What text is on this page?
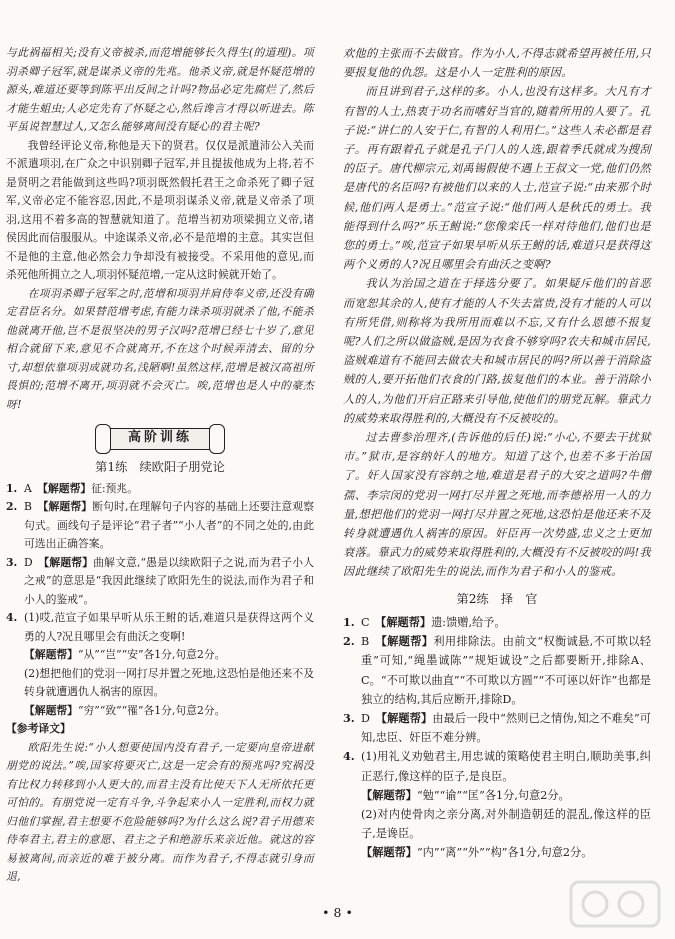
与此祸福相关;没有义帝被杀,而范增能够长久得生(的道理)。项羽杀卿子冠军,就是谋杀义帝的先兆。他杀义帝,就是怀疑范增的源头,难道还要等到陈平出反间之计吗?物品必定先腐烂了,然后才能生蛆虫;人必定先有了怀疑之心,然后谗言才得以听进去。陈平虽说智慧过人,又怎么能够离间没有疑心的君主呢?

我曾经评论义帝,称他是天下的贤君。仅仅是派遣沛公入关而不派遣项羽,在广众之中识别卿子冠军,并且提拔他成为上将,若不是贤明之君能做到这些吗?项羽既然假托君王之命杀死了卿子冠军,义帝必定不能容忍,因此,不是项羽谋杀义帝,就是义帝杀了项羽,这用不着多高的智慧就知道了。范增当初劝项梁拥立义帝,诸侯因此而信服服从。中途谋杀义帝,必不是范增的主意。其实岂但不是他的主意,他必然会力争却没有被接受。不采用他的意见,而杀死他所拥立之人,项羽怀疑范增,一定从这时候就开始了。

在项羽杀卿子冠军之时,范增和项羽并肩侍奉义帝,还没有确定君臣名分。如果替范增考虑,有能力诛杀项羽就杀了他,不能杀他就离开他,岂不是很坚决的男子汉吗?范增已经七十岁了,意见相合就留下来,意见不合就离开,不在这个时候弄清去、留的分寸,却想依靠项羽成就功名,浅陋啊!虽然这样,范增是被汉高祖所畏惧的;范增不离开,项羽就不会灭亡。唉,范增也是人中的豪杰呀!

高阶训练
第1练　续欧阳子朋党论
1. A　 【解题帮】征:预兆。
2. B　 【解题帮】断句时,在理解句子内容的基础上还要注意观察句式。画线句子是评论“君子者”“小人者”的不同之处的,由此可选出正确答案。
3. D　 【解题帮】曲解文意,“愚是以续欧阳子之说,而为君子小人之戒”的意思是“我因此继续了欧阳先生的说法,而作为君子和小人的鉴戒”。
4. (1)哎,范宣子如果早听从乐王鲋的话,难道只是获得这两个义勇的人?况且哪里会有曲沃之变啊!
【解题帮】“从”“岂”“安”各1分,句意2分。
(2)想把他们的党羽一网打尽并置之死地,这恐怕是他还来不及转身就遭遇仇人祸害的原因。
【解题帮】“穷”“致”“罹”各1分,句意2分。
【参考译文】

欧阳先生说:“小人想要使国内没有君子,一定要向皇帝进献朋党的说法。”唉,国家将要灭亡,这是一定会有的预兆吗?究祸没有比权力转移到小人更大的,而君主没有比使天下人无所依托更可怕的。有朋党说一定有斗争,斗争起来小人一定胜利,而权力就归他们掌握,君主想要不危险能够吗?为什么这么说?君子用德来侍奉君主,君主的意愿、君主之子和绝游乐来亲近他。就这的容易被离间,而亲近的难于被分离。而作为君子,不得志就引身而退,

欢他的主张而不去做官。作为小人,不得志就希望再被任用,只要报复他的仇怨。这是小人一定胜利的原因。

而且讲到君子,这样的多。小人,也没有这样多。大凡有才有智的人士,热衷于功名而嗜好当官的,随着所用的人要了。孔子说:“讲仁的人安于仁,有智的人利用仁。”这些人未必都是君子。再有跟着孔子就是孔子门人的人选,跟着季氏就成为搜刮的臣子。唐代柳宗元,刘禹锡假使不遇上王叔文一党,他们仍然是唐代的名臣吗?有被他们以来的人士,范宣子说:“由来那个时候,他们两人是勇士。”范宣子说:“他们两人是秋氏的勇士。我能得到什么吗?”乐王鲋说:“您像栾氏一样对待他们,他们也是您的勇士。”唉,范宣子如果早听从乐王鲋的话,难道只是获得这两个义勇的人?况且哪里会有曲沃之变啊?

我认为治国之道在于择选分要了。如果疑斥他们的首恶而宽恕其余的人,使有才能的人不失去富贵,没有才能的人可以有所凭借,则称将为我所用而难以不忘,又有什么恩德不报复呢?人们之所以做盗贼,是因为衣食不够穿吗?农夫和城市居民,盗贼难道有不能回去做农夫和城市居民的吗?所以善于消除盗贼的人,要开拓他们衣食的门路,拔复他们的本业。善于消除小人的人,为他们开启正路来引导他,使他们的朋党瓦解。靠武力的威势来取得胜利的,大概没有不反被咬的。

过去曹参治理齐,(告诉他的后任)说:“小心,不要去干扰狱市。”狱市,是容纳奸人的地方。知道了这个,也差不多于治国了。奸人国家没有容纳之地,难道是君子的大安之道吗?牛僧孺、李宗闵的党羽一网打尽并置之死地,而李德裕用一人的力量,想把他们的党羽一网打尽并置之死地,这恐怕是他还来不及转身就遭遇仇人祸害的原因。奸臣再一次势盛,忠义之士更加衰落。靠武力的威势来取得胜利的,大概没有不反被咬的吗!我因此继续了欧阳先生的说法,而作为君子和小人的鉴戒。

第2练　择　官
1. C　 【解题帮】遗:馈赠,给予。
2. B　 【解题帮】利用排除法。由前文“权衡诚悬,不可欺以轻重”可知,“绳墨诚陈”“规矩诚设”之后都要断开,排除A、C。“不可欺以曲直”“不可欺以方圆”“不可诬以奸诈”也都是独立的结构,其后应断开,排除D。
3. D　 【解题帮】由最后一段中“然则已之情伪,知之不难矣”可知,忠臣、奸臣不难分辨。
4. (1)用礼义劝勉君主,用忠诚的策略使君主明白,顺助美事,纠正恶行,像这样的臣子,是良臣。
【解题帮】“勉”“谕”“匡”各1分,句意2分。
(2)对内使骨肉之亲分离,对外制造朝廷的混乱,像这样的臣子,是谗臣。
【解题帮】“内”“离”“外”“构”各1分,句意2分。
• 8 •
